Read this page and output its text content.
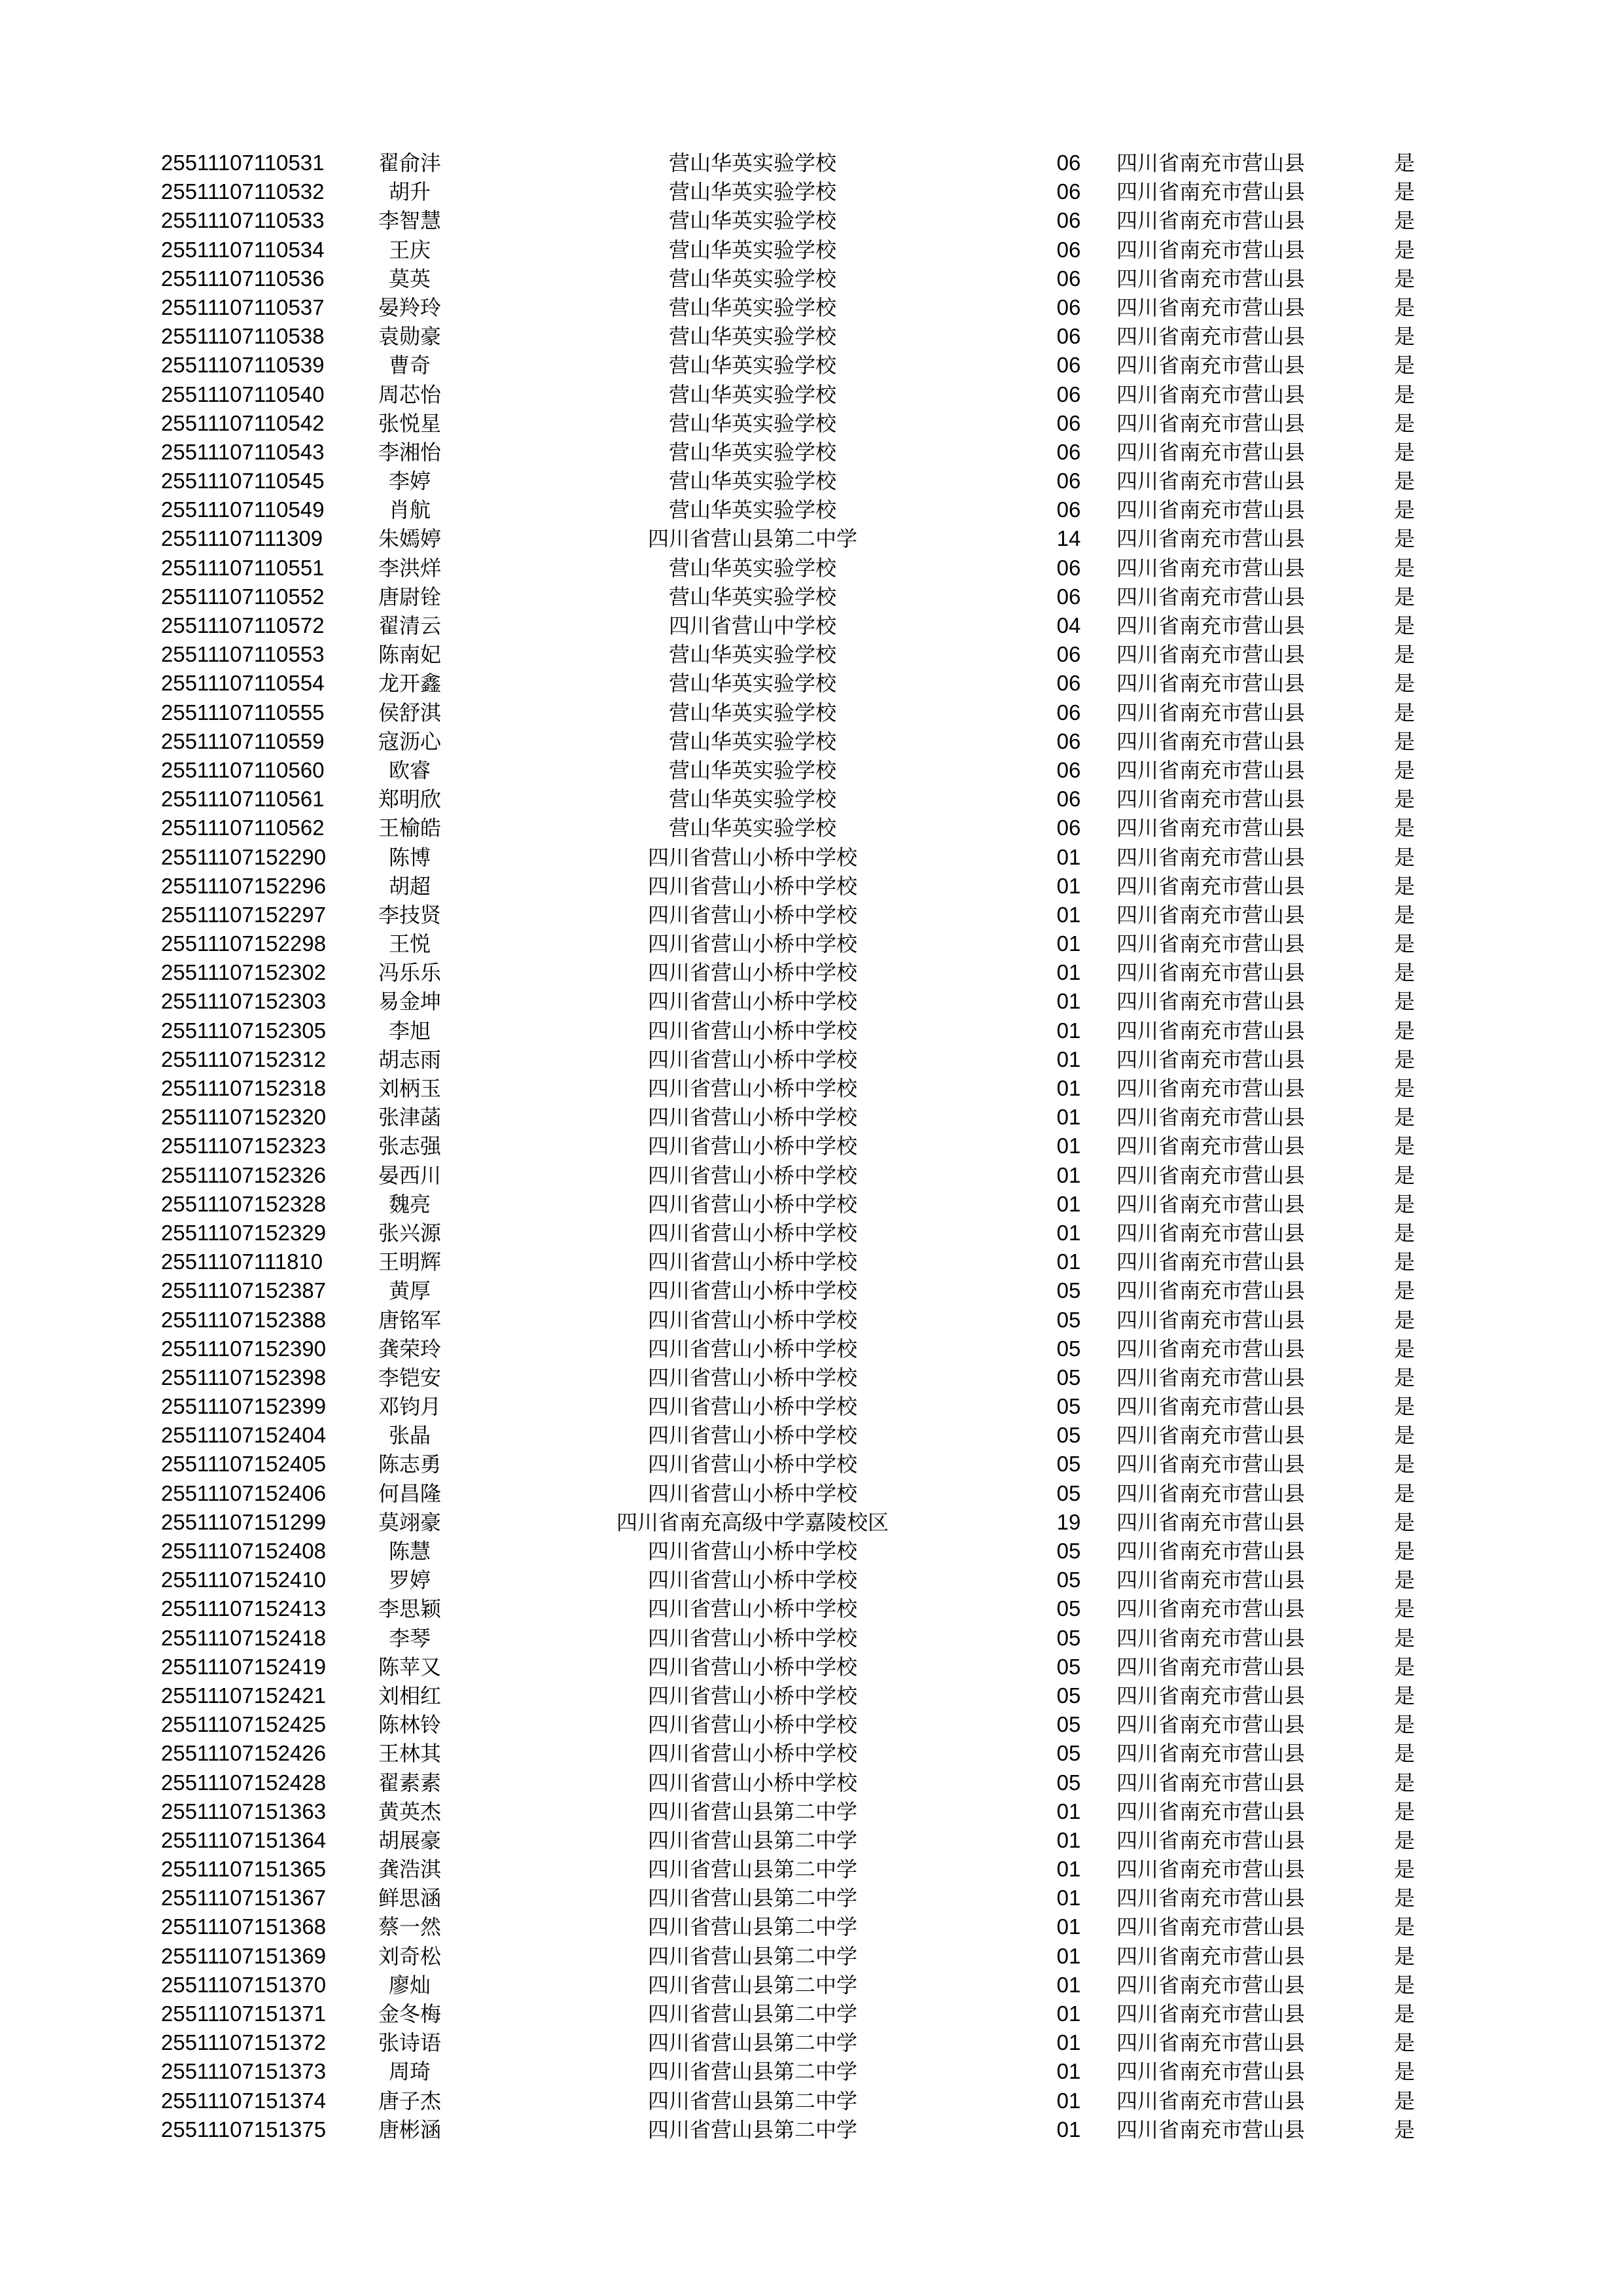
25511107110531	翟俞沣	营山华英实验学校	06	四川省南充市营山县	是
25511107110532	胡升	营山华英实验学校	06	四川省南充市营山县	是
25511107110533	李智慧	营山华英实验学校	06	四川省南充市营山县	是
25511107110534	王庆	营山华英实验学校	06	四川省南充市营山县	是
25511107110536	莫英	营山华英实验学校	06	四川省南充市营山县	是
25511107110537	晏羚玲	营山华英实验学校	06	四川省南充市营山县	是
25511107110538	袁勋豪	营山华英实验学校	06	四川省南充市营山县	是
25511107110539	曹奇	营山华英实验学校	06	四川省南充市营山县	是
25511107110540	周芯怡	营山华英实验学校	06	四川省南充市营山县	是
25511107110542	张悦星	营山华英实验学校	06	四川省南充市营山县	是
25511107110543	李湘怡	营山华英实验学校	06	四川省南充市营山县	是
25511107110545	李婷	营山华英实验学校	06	四川省南充市营山县	是
25511107110549	肖航	营山华英实验学校	06	四川省南充市营山县	是
25511107111309	朱嫣婷	四川省营山县第二中学	14	四川省南充市营山县	是
25511107110551	李洪烊	营山华英实验学校	06	四川省南充市营山县	是
25511107110552	唐尉铨	营山华英实验学校	06	四川省南充市营山县	是
25511107110572	翟清云	四川省营山中学校	04	四川省南充市营山县	是
25511107110553	陈南妃	营山华英实验学校	06	四川省南充市营山县	是
25511107110554	龙开鑫	营山华英实验学校	06	四川省南充市营山县	是
25511107110555	侯舒淇	营山华英实验学校	06	四川省南充市营山县	是
25511107110559	寇沥心	营山华英实验学校	06	四川省南充市营山县	是
25511107110560	欧睿	营山华英实验学校	06	四川省南充市营山县	是
25511107110561	郑明欣	营山华英实验学校	06	四川省南充市营山县	是
25511107110562	王榆皓	营山华英实验学校	06	四川省南充市营山县	是
25511107152290	陈博	四川省营山小桥中学校	01	四川省南充市营山县	是
25511107152296	胡超	四川省营山小桥中学校	01	四川省南充市营山县	是
25511107152297 李技贤	四川省营山小桥中学校	01	四川省南充市营山县	是
25511107152298	王悦	四川省营山小桥中学校	01	四川省南充市营山县	是
25511107152302 冯乐乐	四川省营山小桥中学校	01	四川省南充市营山县	是
25511107152303 易金坤	四川省营山小桥中学校	01	四川省南充市营山县	是
25511107152305	李旭	四川省营山小桥中学校	01	四川省南充市营山县	是
25511107152312 胡志雨	四川省营山小桥中学校	01	四川省南充市营山县	是
25511107152318 刘柄玉	四川省营山小桥中学校	01	四川省南充市营山县	是
25511107152320 张津菡	四川省营山小桥中学校	01	四川省南充市营山县	是
25511107152323 张志强	四川省营山小桥中学校	01	四川省南充市营山县	是
25511107152326 晏西川	四川省营山小桥中学校	01	四川省南充市营山县	是
25511107152328	魏亮	四川省营山小桥中学校	01	四川省南充市营山县	是
25511107152329 张兴源	四川省营山小桥中学校	01	四川省南充市营山县	是
25511107111810	王明辉	四川省营山小桥中学校	01	四川省南充市营山县	是
25511107152387	黄厚	四川省营山小桥中学校	05	四川省南充市营山县	是
25511107152388 唐铭军	四川省营山小桥中学校	05	四川省南充市营山县	是
25511107152390 龚荣玲	四川省营山小桥中学校	05	四川省南充市营山县	是
25511107152398 李铠安	四川省营山小桥中学校	05	四川省南充市营山县	是
25511107152399 邓钧月	四川省营山小桥中学校	05	四川省南充市营山县	是
25511107152404	张晶	四川省营山小桥中学校	05	四川省南充市营山县	是
25511107152405 陈志勇	四川省营山小桥中学校	05	四川省南充市营山县	是
25511107152406 何昌隆	四川省营山小桥中学校	05	四川省南充市营山县	是
25511107151299 莫翊豪	四川省南充高级中学嘉陵校区	19	四川省南充市营山县	是
25511107152408	陈慧	四川省营山小桥中学校	05	四川省南充市营山县	是
25511107152410	罗婷	四川省营山小桥中学校	05	四川省南充市营山县	是
25511107152413 李思颖	四川省营山小桥中学校	05	四川省南充市营山县	是
25511107152418	李琴	四川省营山小桥中学校	05	四川省南充市营山县	是
25511107152419 陈苹又	四川省营山小桥中学校	05	四川省南充市营山县	是
25511107152421 刘相红	四川省营山小桥中学校	05	四川省南充市营山县	是
25511107152425 陈林铃	四川省营山小桥中学校	05	四川省南充市营山县	是
25511107152426 王林其	四川省营山小桥中学校	05	四川省南充市营山县	是
25511107152428 翟素素	四川省营山小桥中学校	05	四川省南充市营山县	是
25511107151363 黄英杰	四川省营山县第二中学	01	四川省南充市营山县	是
25511107151364 胡展豪	四川省营山县第二中学	01	四川省南充市营山县	是
25511107151365 龚浩淇	四川省营山县第二中学	01	四川省南充市营山县	是
25511107151367 鲜思涵	四川省营山县第二中学	01	四川省南充市营山县	是
25511107151368 蔡一然	四川省营山县第二中学	01	四川省南充市营山县	是
25511107151369 刘奇松	四川省营山县第二中学	01	四川省南充市营山县	是
25511107151370	廖灿	四川省营山县第二中学	01	四川省南充市营山县	是
25511107151371 金冬梅	四川省营山县第二中学	01	四川省南充市营山县	是
25511107151372 张诗语	四川省营山县第二中学	01	四川省南充市营山县	是
25511107151373	周琦	四川省营山县第二中学	01	四川省南充市营山县	是
25511107151374 唐子杰	四川省营山县第二中学	01	四川省南充市营山县	是
25511107151375 唐彬涵	四川省营山县第二中学	01	四川省南充市营山县	是
